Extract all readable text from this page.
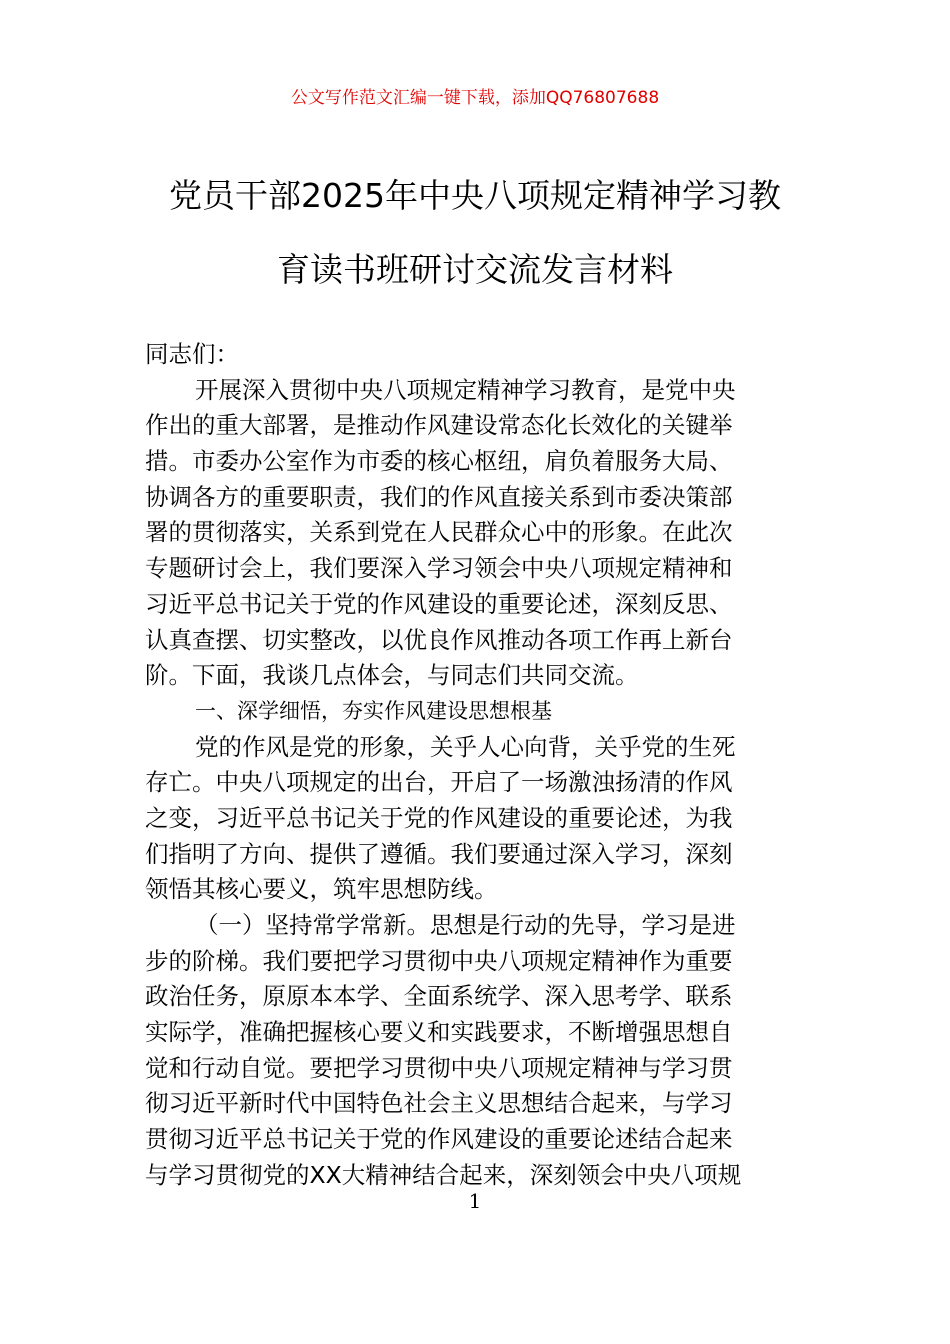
公文写作范文汇编一键下载，添加QQ76807688
党员干部2025年中央八项规定精神学习教
育读书班研讨交流发言材料
同志们：
开展深入贯彻中央八项规定精神学习教育，是党中央
作出的重大部署，是推动作风建设常态化长效化的关键举
措。市委办公室作为市委的核心枢纽，肩负着服务大局、
协调各方的重要职责，我们的作风直接关系到市委决策部
署的贯彻落实，关系到党在人民群众心中的形象。在此次
专题研讨会上，我们要深入学习领会中央八项规定精神和
习近平总书记关于党的作风建设的重要论述，深刻反思、
认真查摆、切实整改，以优良作风推动各项工作再上新台
阶。下面，我谈几点体会，与同志们共同交流。
一、深学细悟，夯实作风建设思想根基
党的作风是党的形象，关乎人心向背，关乎党的生死
存亡。中央八项规定的出台，开启了一场激浊扬清的作风
之变，习近平总书记关于党的作风建设的重要论述，为我
们指明了方向、提供了遵循。我们要通过深入学习，深刻
领悟其核心要义，筑牢思想防线。
（一）坚持常学常新。思想是行动的先导，学习是进
步的阶梯。我们要把学习贯彻中央八项规定精神作为重要
政治任务，原原本本学、全面系统学、深入思考学、联系
实际学，准确把握核心要义和实践要求，不断增强思想自
觉和行动自觉。要把学习贯彻中央八项规定精神与学习贯
彻习近平新时代中国特色社会主义思想结合起来，与学习
贯彻习近平总书记关于党的作风建设的重要论述结合起来
与学习贯彻党的XX大精神结合起来，深刻领会中央八项规
1
